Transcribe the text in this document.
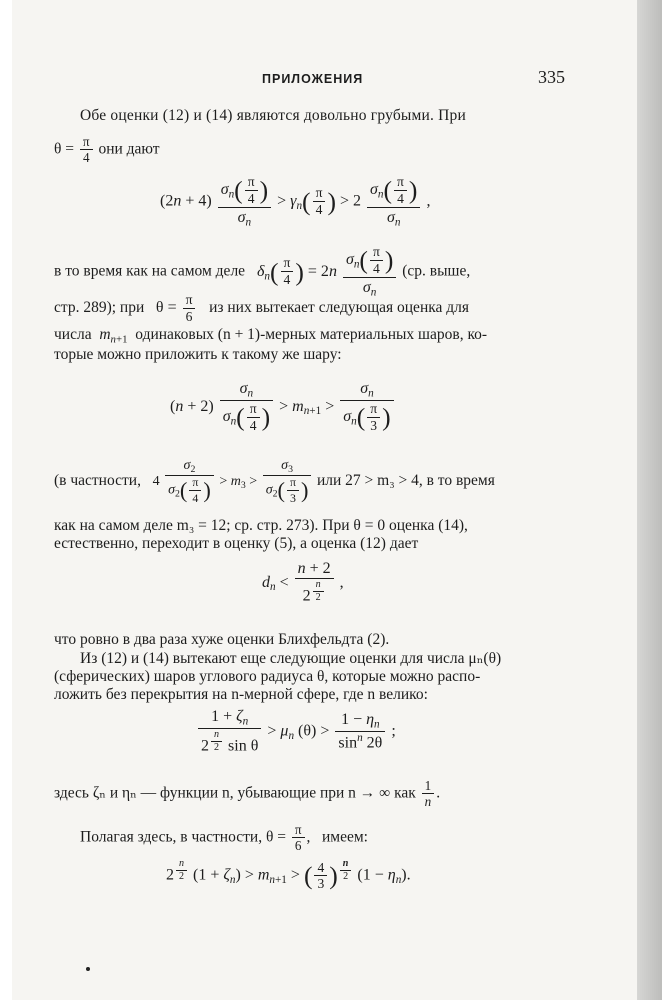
ПРИЛОЖЕНИЯ	335
Обе оценки (12) и (14) являются довольно грубыми. При
$\theta = \frac{\pi}{4}$ они дают
$(2n + 4) \frac{\sigma_n( \frac{\pi}{4} )}{\sigma_n} > \gamma_n( \frac{\pi}{4}$ ) > $2 \frac{\sigma_n( \frac{\pi}{4} )}{\sigma_n}$ ,
в то время как на самом деле $\delta_n( \frac{\pi}{4}$ ) = $2n \frac{\sigma_n( \frac{\pi}{4} )}{\sigma_n} (ср$. выше,
стр. 289); при $\theta = \frac{\pi}{6}$ из них вытекает следующая оценка для
числа $m_{n+1}$ одинаковых (n + 1)-мерных материальных шаров, ко-
торые можно приложить к такому же шару:
$(n + 2) \frac{\sigma_n}{\sigma_n( \frac{\pi}{4} )} > m_{n+1} > \frac{\sigma_n}{\sigma_n( \frac{\pi}{3} )}$
(в частности, $4 \frac{\sigma_2}{\sigma_2( \frac{\pi}{4} )} > m_3 > \frac{\sigma_3}{\sigma_2( \frac{\pi}{3} )}$ или 27 > m₃ > 4, в то время
как на самом деле m₃ = 12; ср. стр. 273). При θ = 0 оценка (14),
естественно, переходит в оценку (5), а оценка (12) дает
$d_n < n + 2$
2 $^{\frac{n}{2}}$ ,
что ровно в два раза хуже оценки Блихфельдта (2).
Из (12) и (14) вытекают еще следующие оценки для числа μₙ(θ)
(сферических) шаров углового радиуса θ, которые можно распо-
ложить без перекрытия на n-мерной сфере, где n велико:
$1 + \zeta_n$
2 $^{\frac{n}{2}}$ $\sin \theta > \mu_n$ $(\theta) > \frac{1 - \eta_n}{\sin^n 2\theta}$ ;
здесь ζₙ и ηₙ — функции n, убывающие при n → ∞ как $\frac{1}{n}$ .
Полагая здесь, в частности, $\theta = \frac{\pi}{6}$ ,   имеем:
2 $^{\frac{n}{2}}$ $(1 + \zeta_n) > m_{n+1}$ > ( $\frac{4}{3}$ ) $^{\frac{n}{2}}$ $(1 - \eta_n)$.
